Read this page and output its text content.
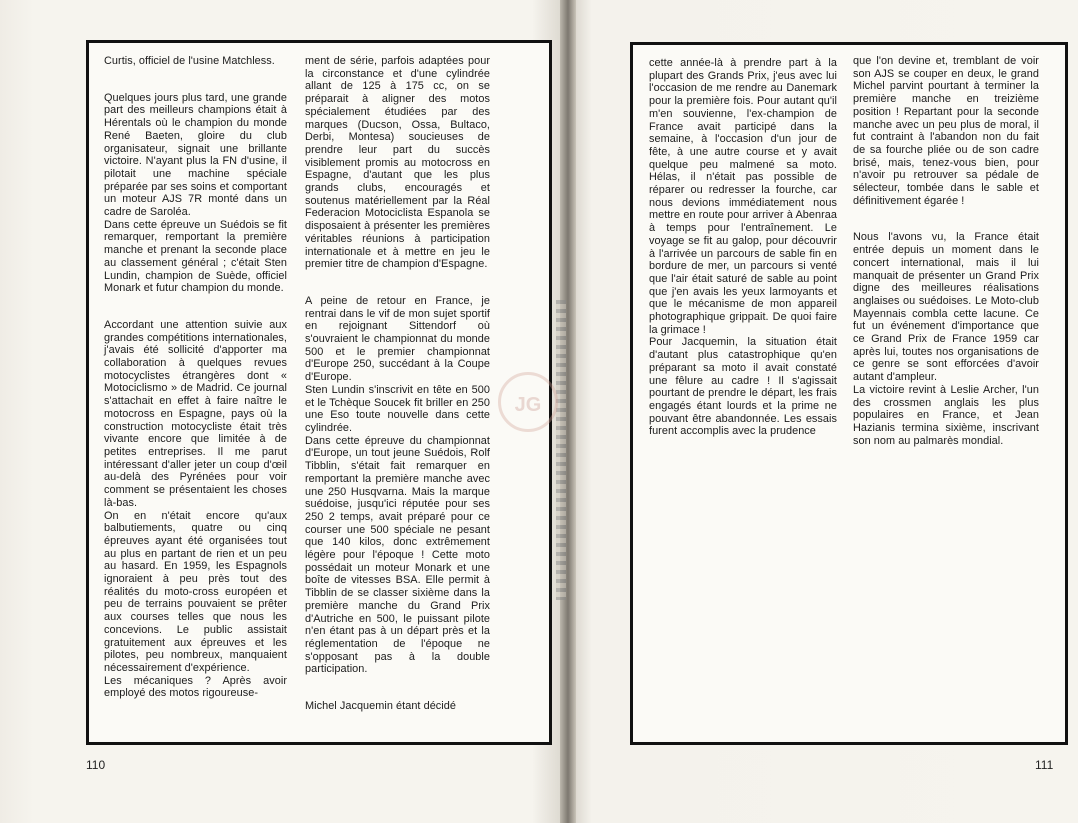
Curtis, officiel de l'usine Matchless.

Quelques jours plus tard, une grande part des meilleurs champions était à Hérentals où le champion du monde René Baeten, gloire du club organisateur, signait une brillante victoire. N'ayant plus la FN d'usine, il pilotait une machine spéciale préparée par ses soins et comportant un moteur AJS 7R monté dans un cadre de Saroléa.

Dans cette épreuve un Suédois se fit remarquer, remportant la première manche et prenant la seconde place au classement général ; c'était Sten Lundin, champion de Suède, officiel Monark et futur champion du monde.

Accordant une attention suivie aux grandes compétitions internationales, j'avais été sollicité d'apporter ma collaboration à quelques revues motocyclistes étrangères dont « Motociclismo » de Madrid. Ce journal s'attachait en effet à faire naître le motocross en Espagne, pays où la construction motocycliste était très vivante encore que limitée à de petites entreprises. Il me parut intéressant d'aller jeter un coup d'œil au-delà des Pyrénées pour voir comment se présentaient les choses là-bas.

On en n'était encore qu'aux balbutiements, quatre ou cinq épreuves ayant été organisées tout au plus en partant de rien et un peu au hasard. En 1959, les Espagnols ignoraient à peu près tout des réalités du moto-cross européen et peu de terrains pouvaient se prêter aux courses telles que nous les concevions. Le public assistait gratuitement aux épreuves et les pilotes, peu nombreux, manquaient nécessairement d'expérience.

Les mécaniques ? Après avoir employé des motos rigoureuse-

ment de série, parfois adaptées pour la circonstance et d'une cylindrée allant de 125 à 175 cc, on se préparait à aligner des motos spécialement étudiées par des marques (Ducson, Ossa, Bultaco, Derbi, Montesa) soucieuses de prendre leur part du succès visiblement promis au motocross en Espagne, d'autant que les plus grands clubs, encouragés et soutenus matériellement par la Réal Federacion Motociclista Espanola se disposaient à présenter les premières véritables réunions à participation internationale et à mettre en jeu le premier titre de champion d'Espagne.

A peine de retour en France, je rentrai dans le vif de mon sujet sportif en rejoignant Sittendorf où s'ouvraient le championnat du monde 500 et le premier championnat d'Europe 250, succédant à la Coupe d'Europe.

Sten Lundin s'inscrivit en tête en 500 et le Tchèque Soucek fit briller en 250 une Eso toute nouvelle dans cette cylindrée.

Dans cette épreuve du championnat d'Europe, un tout jeune Suédois, Rolf Tibblin, s'était fait remarquer en remportant la première manche avec une 250 Husqvarna. Mais la marque suédoise, jusqu'ici réputée pour ses 250 2 temps, avait préparé pour ce courser une 500 spéciale ne pesant que 140 kilos, donc extrêmement légère pour l'époque ! Cette moto possédait un moteur Monark et une boîte de vitesses BSA. Elle permit à Tibblin de se classer sixième dans la première manche du Grand Prix d'Autriche en 500, le puissant pilote n'en étant pas à un départ près et la réglementation de l'époque ne s'opposant pas à la double participation.

Michel Jacquemin étant décidé

JG

cette année-là à prendre part à la plupart des Grands Prix, j'eus avec lui l'occasion de me rendre au Danemark pour la première fois. Pour autant qu'il m'en souvienne, l'ex-champion de France avait participé dans la semaine, à l'occasion d'un jour de fête, à une autre course et y avait quelque peu malmené sa moto. Hélas, il n'était pas possible de réparer ou redresser la fourche, car nous devions immédiatement nous mettre en route pour arriver à Abenraa à temps pour l'entraînement. Le voyage se fit au galop, pour découvrir à l'arrivée un parcours de sable fin en bordure de mer, un parcours si venté que l'air était saturé de sable au point que j'en avais les yeux larmoyants et que le mécanisme de mon appareil photographique grippait. De quoi faire la grimace !

Pour Jacquemin, la situation était d'autant plus catastrophique qu'en préparant sa moto il avait constaté une fêlure au cadre ! Il s'agissait pourtant de prendre le départ, les frais engagés étant lourds et la prime ne pouvant être abandonnée. Les essais furent accomplis avec la prudence

que l'on devine et, tremblant de voir son AJS se couper en deux, le grand Michel parvint pourtant à terminer la première manche en treizième position ! Repartant pour la seconde manche avec un peu plus de moral, il fut contraint à l'abandon non du fait de sa fourche pliée ou de son cadre brisé, mais, tenez-vous bien, pour n'avoir pu retrouver sa pédale de sélecteur, tombée dans le sable et définitivement égarée !

Nous l'avons vu, la France était entrée depuis un moment dans le concert international, mais il lui manquait de présenter un Grand Prix digne des meilleures réalisations anglaises ou suédoises. Le Moto-club Mayennais combla cette lacune. Ce fut un événement d'importance que ce Grand Prix de France 1959 car après lui, toutes nos organisations de ce genre se sont efforcées d'avoir autant d'ampleur.

La victoire revint à Leslie Archer, l'un des crossmen anglais les plus populaires en France, et Jean Hazianis termina sixième, inscrivant son nom au palmarès mondial.

110	111
